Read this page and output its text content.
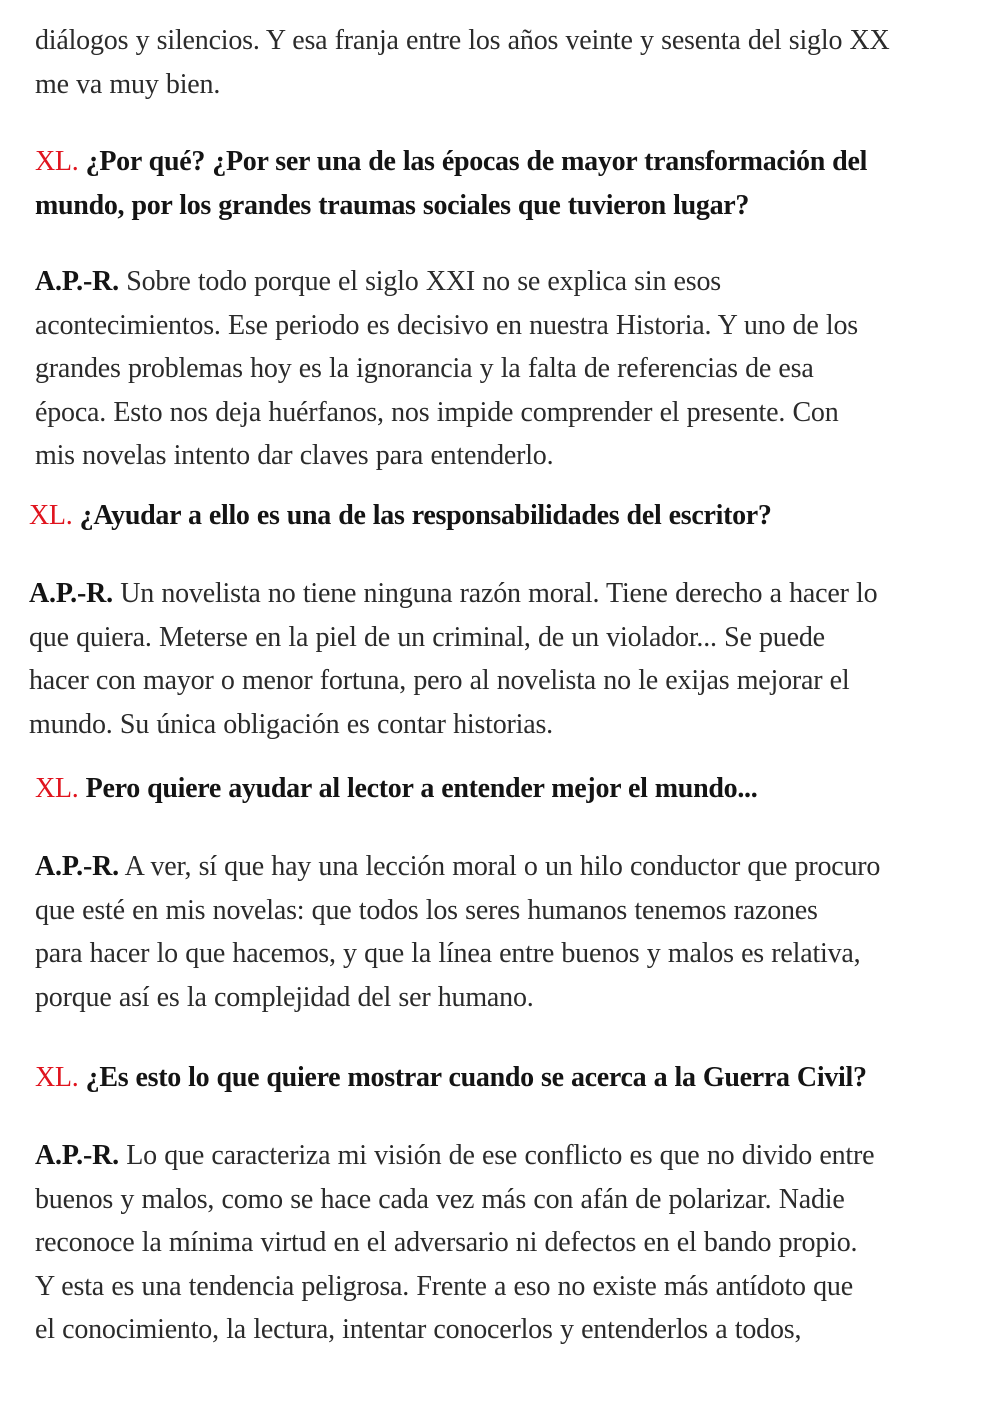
diálogos y silencios. Y esa franja entre los años veinte y sesenta del siglo XX
me va muy bien.

XL. ¿Por qué? ¿Por ser una de las épocas de mayor transformación del
mundo, por los grandes traumas sociales que tuvieron lugar?

A.P.-R. Sobre todo porque el siglo XXI no se explica sin esos
acontecimientos. Ese periodo es decisivo en nuestra Historia. Y uno de los
grandes problemas hoy es la ignorancia y la falta de referencias de esa
época. Esto nos deja huérfanos, nos impide comprender el presente. Con
mis novelas intento dar claves para entenderlo.

XL. ¿Ayudar a ello es una de las responsabilidades del escritor?

A.P.-R. Un novelista no tiene ninguna razón moral. Tiene derecho a hacer lo
que quiera. Meterse en la piel de un criminal, de un violador... Se puede
hacer con mayor o menor fortuna, pero al novelista no le exijas mejorar el
mundo. Su única obligación es contar historias.

XL. Pero quiere ayudar al lector a entender mejor el mundo...

A.P.-R. A ver, sí que hay una lección moral o un hilo conductor que procuro
que esté en mis novelas: que todos los seres humanos tenemos razones
para hacer lo que hacemos, y que la línea entre buenos y malos es relativa,
porque así es la complejidad del ser humano.

XL. ¿Es esto lo que quiere mostrar cuando se acerca a la Guerra Civil?

A.P.-R. Lo que caracteriza mi visión de ese conflicto es que no divido entre
buenos y malos, como se hace cada vez más con afán de polarizar. Nadie
reconoce la mínima virtud en el adversario ni defectos en el bando propio.
Y esta es una tendencia peligrosa. Frente a eso no existe más antídoto que
el conocimiento, la lectura, intentar conocerlos y entenderlos a todos,
